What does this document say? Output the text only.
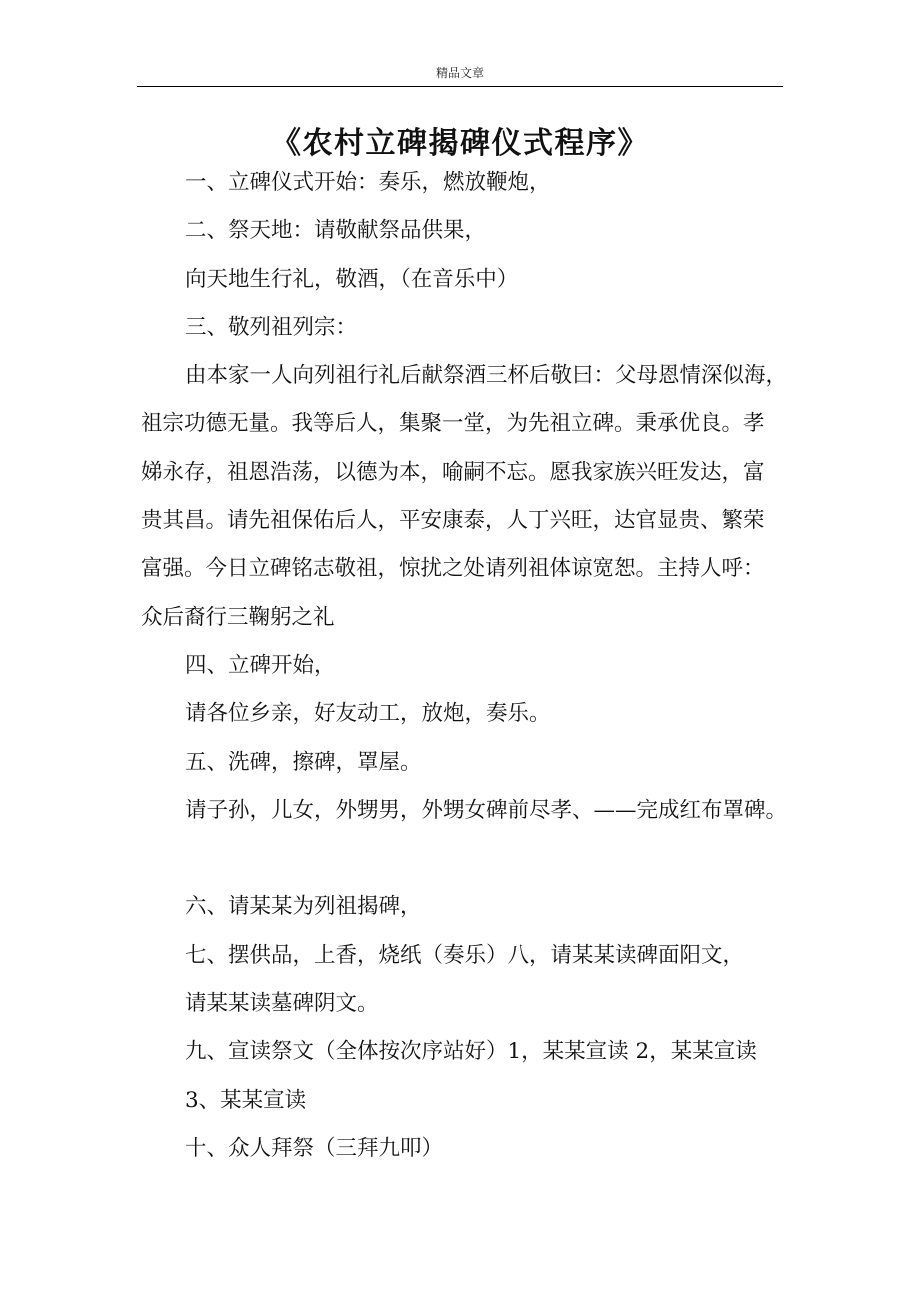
精品文章
《农村立碑揭碑仪式程序》
一、立碑仪式开始：奏乐，燃放鞭炮，
二、祭天地：请敬献祭品供果，
向天地生行礼，敬酒，（在音乐中）
三、敬列祖列宗：
由本家一人向列祖行礼后献祭酒三杯后敬曰：父母恩情深似海，
祖宗功德无量。我等后人，集聚一堂，为先祖立碑。秉承优良。孝
娣永存，祖恩浩荡，以德为本，喻嗣不忘。愿我家族兴旺发达，富
贵其昌。请先祖保佑后人，平安康泰，人丁兴旺，达官显贵、繁荣
富强。今日立碑铭志敬祖，惊扰之处请列祖体谅宽恕。主持人呼：
众后裔行三鞠躬之礼
四、立碑开始，
请各位乡亲，好友动工，放炮，奏乐。
五、洗碑，擦碑，罩屋。
请子孙，儿女，外甥男，外甥女碑前尽孝、——完成红布罩碑。
六、请某某为列祖揭碑，
七、摆供品，上香，烧纸（奏乐）八，请某某读碑面阳文，
请某某读墓碑阴文。
九、宣读祭文（全体按次序站好）1，某某宣读 2，某某宣读
3、某某宣读
十、众人拜祭（三拜九叩）
